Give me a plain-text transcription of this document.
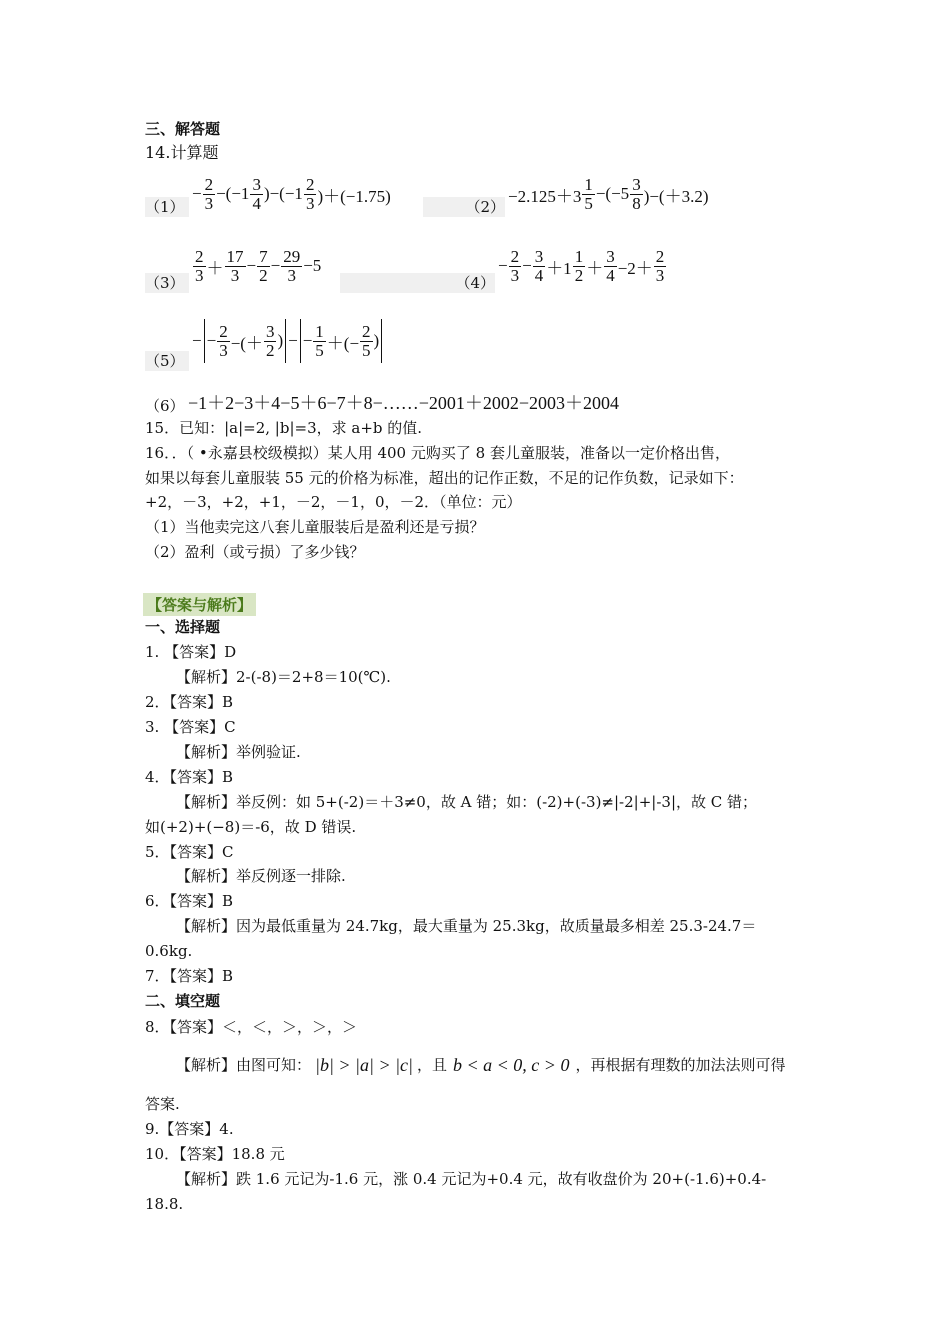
三、解答题
14.计算题
（1）
− $\frac{2}{3} -(-1 \frac{3}{4} )-(-1 \frac{2}{3} )+(-1.75)$
（2）
$-2.125+3 \frac{1}{5} -(-5 \frac{3}{8} )-(+3.2)$
$(3) \frac{2}{3} + \frac{17}{3} - \frac{7}{2} - \frac{29}{3} -5$
（4）
− $\frac{2}{3} - \frac{3}{4} +1 \frac{1}{2} + \frac{3}{4} -2+ \frac{2}{3}$
（5）
− − $\frac{2}{3}$ −(＋ $\frac{3}{2}$ ) − − $\frac{1}{5}$ ＋(− $\frac{2}{5}$ )
（6） −1＋2−3＋4−5＋6−7＋8−……−2001＋2002−2003＋2004
15．已知：|a|=2, |b|=3，求 a+b 的值.
16．．（ •永嘉县校级模拟）某人用 400 元购买了 8 套儿童服装，准备以一定价格出售，
如果以每套儿童服装 55 元的价格为标准，超出的记作正数，不足的记作负数，记录如下：
+2，－3，+2，+1，－2，－1，0，－2．（单位：元）
（1）当他卖完这八套儿童服装后是盈利还是亏损？
（2）盈利（或亏损）了多少钱？
【答案与解析】
一、选择题
1. 【答案】D
【解析】2-(-8)＝2+8＝10(℃).
2．【答案】B
3. 【答案】C
【解析】举例验证.
4．【答案】B
【解析】举反例：如 5+(-2)＝＋3≠0，故 A 错；如：(-2)+(-3)≠|-2|+|-3|，故 C 错；
如(+2)+(−8)＝-6，故 D 错误.
5．【答案】C
【解析】举反例逐一排除.
6．【答案】B
【解析】因为最低重量为 24.7kg，最大重量为 25.3kg，故质量最多相差 25.3-24.7＝
0.6kg.
7．【答案】B
二、填空题
8．【答案】＜，＜，＞，＞，＞
【解析】由图可知： |b| > |a| > |c| ，且 b < a < 0, c > 0 ，再根据有理数的加法法则可得
答案.
9.【答案】4.
10．【答案】18.8 元
【解析】跌 1.6 元记为-1.6 元，涨 0.4 元记为+0.4 元，故有收盘价为 20+(-1.6)+0.4-
18.8.
